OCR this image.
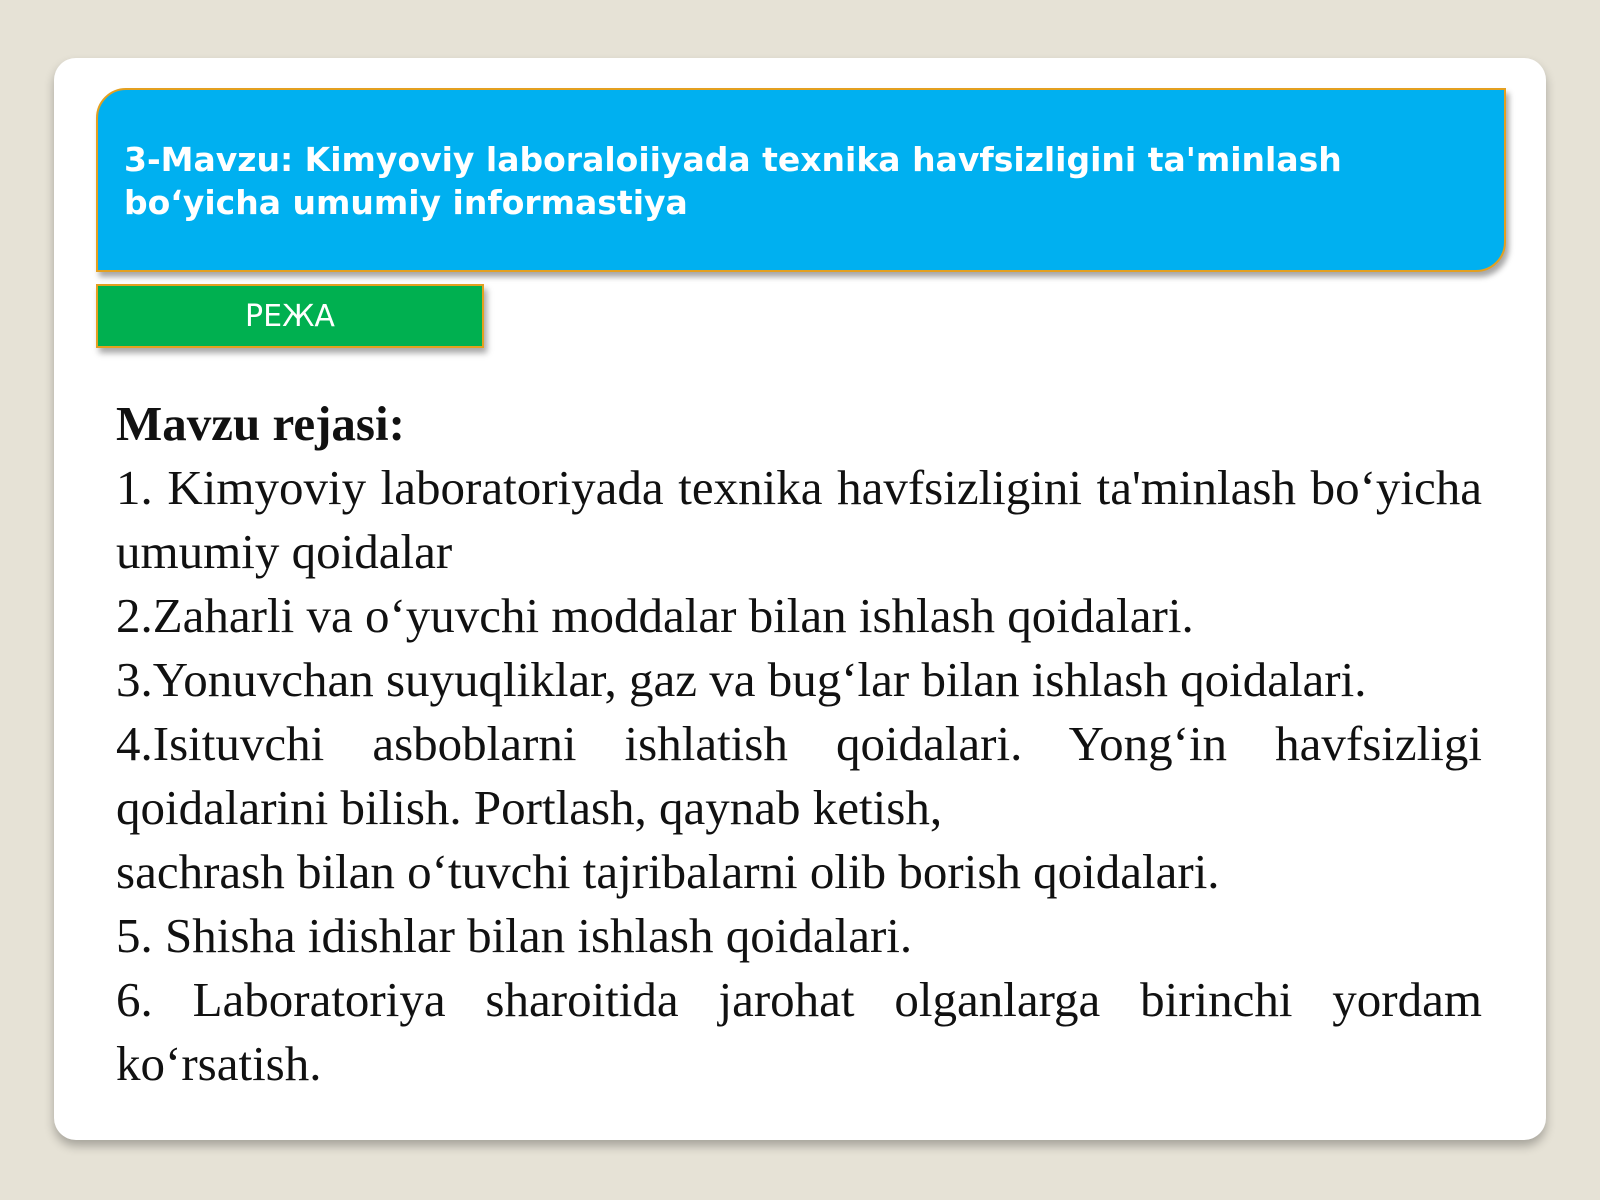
3-Mavzu: Kimyoviy laboraloiiyada texnika havfsizligini ta'minlash bo‘yicha umumiy informastiya
РЕЖА

Mavzu rejasi:

1. Kimyoviy laboratoriyada texnika havfsizligini ta'minlash bo‘yicha umumiy qoidalar

2.Zaharli va o‘yuvchi moddalar bilan ishlash qoidalari.

3.Yonuvchan suyuqliklar, gaz va bug‘lar bilan ishlash qoidalari.

4.Isituvchi asboblarni ishlatish qoidalari. Yong‘in havfsizligi qoidalarini bilish. Portlash, qaynab ketish,

sachrash bilan o‘tuvchi tajribalarni olib borish qoidalari.

5. Shisha idishlar bilan ishlash qoidalari.

6. Laboratoriya sharoitida jarohat olganlarga birinchi yordam ko‘rsatish.
